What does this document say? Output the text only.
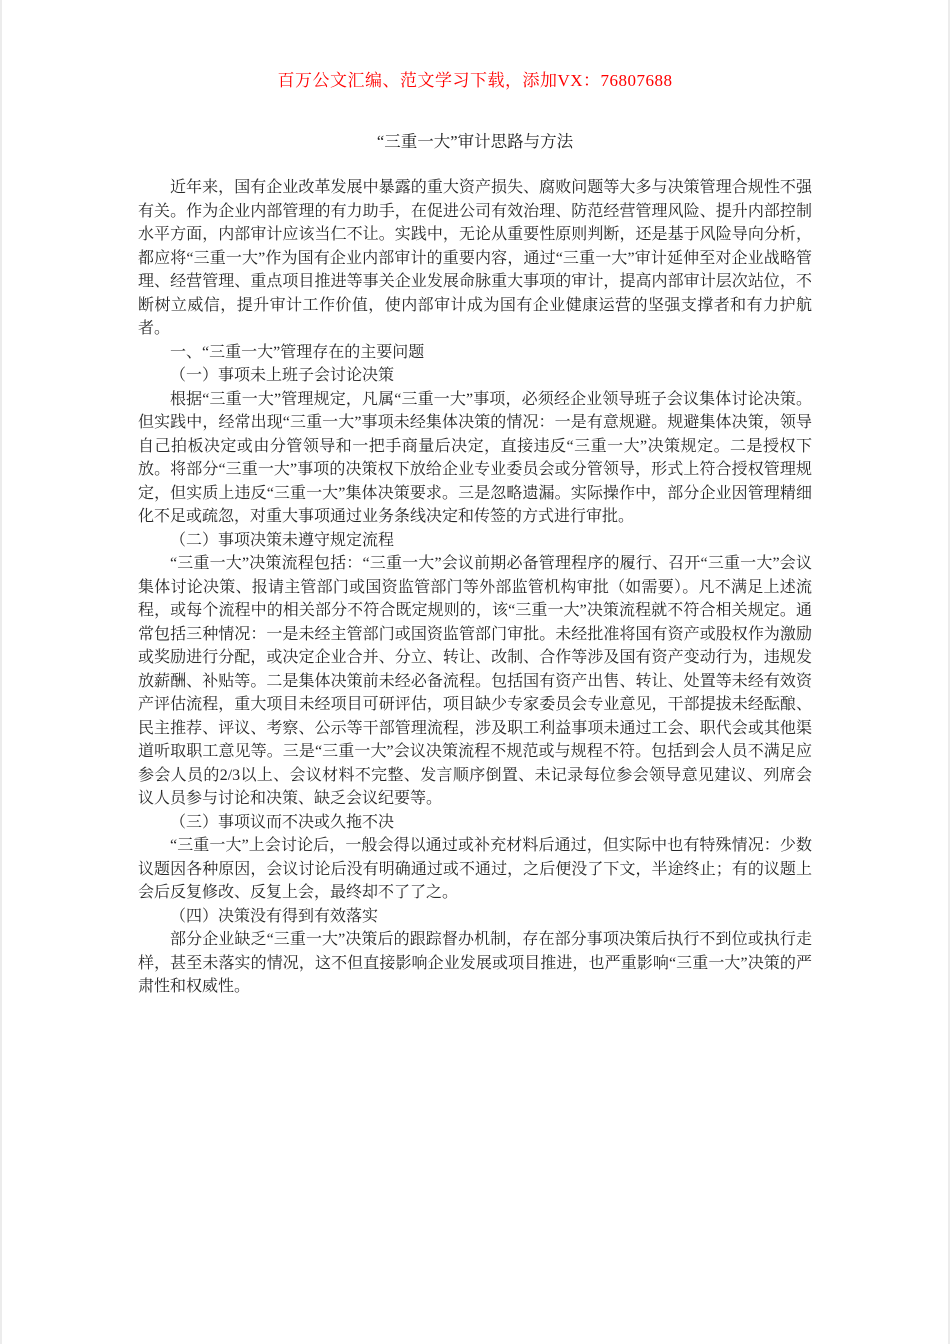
百万公文汇编、范文学习下载，添加VX：76807688
“三重一大”审计思路与方法

近年来，国有企业改革发展中暴露的重大资产损失、腐败问题等大多与决策管理合规性不强有关。作为企业内部管理的有力助手，在促进公司有效治理、防范经营管理风险、提升内部控制水平方面，内部审计应该当仁不让。实践中，无论从重要性原则判断，还是基于风险导向分析，都应将“三重一大”作为国有企业内部审计的重要内容，通过“三重一大”审计延伸至对企业战略管理、经营管理、重点项目推进等事关企业发展命脉重大事项的审计，提高内部审计层次站位，不断树立威信，提升审计工作价值，使内部审计成为国有企业健康运营的坚强支撑者和有力护航者。

一、“三重一大”管理存在的主要问题

（一）事项未上班子会讨论决策

根据“三重一大”管理规定，凡属“三重一大”事项，必须经企业领导班子会议集体讨论决策。但实践中，经常出现“三重一大”事项未经集体决策的情况：一是有意规避。规避集体决策，领导自己拍板决定或由分管领导和一把手商量后决定，直接违反“三重一大”决策规定。二是授权下放。将部分“三重一大”事项的决策权下放给企业专业委员会或分管领导，形式上符合授权管理规定，但实质上违反“三重一大”集体决策要求。三是忽略遗漏。实际操作中，部分企业因管理精细化不足或疏忽，对重大事项通过业务条线决定和传签的方式进行审批。

（二）事项决策未遵守规定流程

“三重一大”决策流程包括：“三重一大”会议前期必备管理程序的履行、召开“三重一大”会议集体讨论决策、报请主管部门或国资监管部门等外部监管机构审批（如需要）。凡不满足上述流程，或每个流程中的相关部分不符合既定规则的，该“三重一大”决策流程就不符合相关规定。通常包括三种情况：一是未经主管部门或国资监管部门审批。未经批准将国有资产或股权作为激励或奖励进行分配，或决定企业合并、分立、转让、改制、合作等涉及国有资产变动行为，违规发放薪酬、补贴等。二是集体决策前未经必备流程。包括国有资产出售、转让、处置等未经有效资产评估流程，重大项目未经项目可研评估，项目缺少专家委员会专业意见，干部提拔未经酝酿、民主推荐、评议、考察、公示等干部管理流程，涉及职工利益事项未通过工会、职代会或其他渠道听取职工意见等。三是“三重一大”会议决策流程不规范或与规程不符。包括到会人员不满足应参会人员的2/3以上、会议材料不完整、发言顺序倒置、未记录每位参会领导意见建议、列席会议人员参与讨论和决策、缺乏会议纪要等。

（三）事项议而不决或久拖不决

“三重一大”上会讨论后，一般会得以通过或补充材料后通过，但实际中也有特殊情况：少数议题因各种原因，会议讨论后没有明确通过或不通过，之后便没了下文，半途终止；有的议题上会后反复修改、反复上会，最终却不了了之。

（四）决策没有得到有效落实

部分企业缺乏“三重一大”决策后的跟踪督办机制，存在部分事项决策后执行不到位或执行走样，甚至未落实的情况，这不但直接影响企业发展或项目推进，也严重影响“三重一大”决策的严肃性和权威性。
